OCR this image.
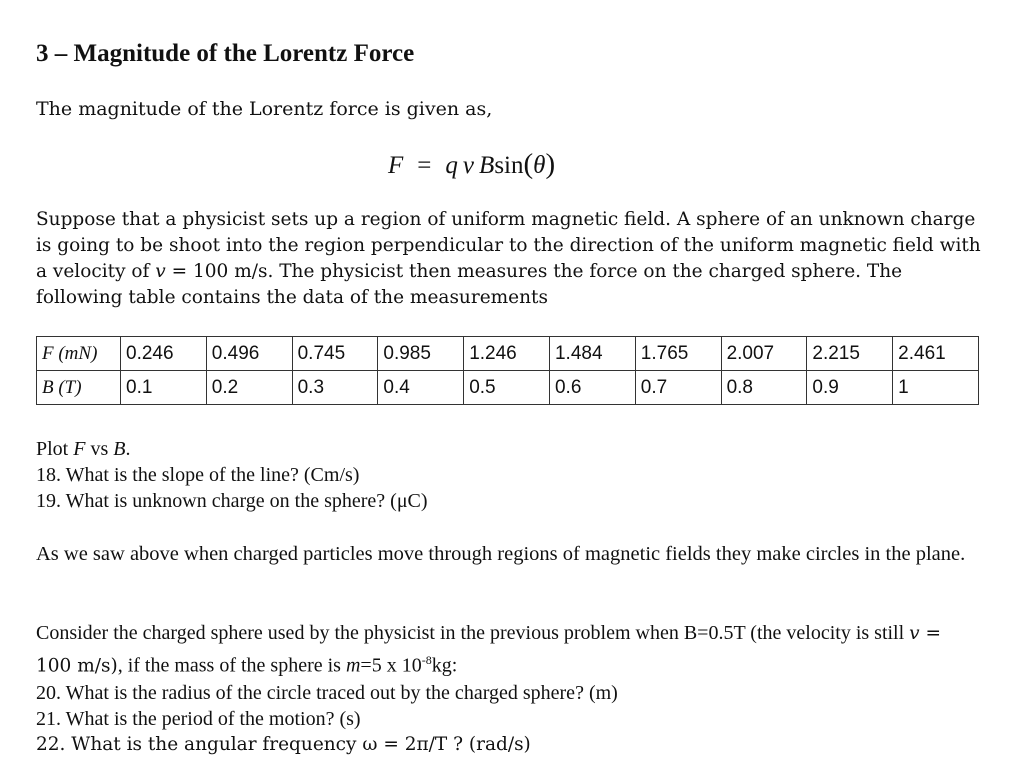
3 – Magnitude of the Lorentz Force
The magnitude of the Lorentz force is given as,
F = q  v  Bsin(θ)
Suppose that a physicist sets up a region of uniform magnetic field. A sphere of an unknown charge is going to be shoot into the region perpendicular to the direction of the uniform magnetic field with a velocity of v = 100 m/s. The physicist then measures the force on the charged sphere. The following table contains the data of the measurements
F (mN)	0.246	0.496	0.745	0.985	1.246	1.484	1.765	2.007	2.215	2.461
B (T)	0.1	0.2	0.3	0.4	0.5	0.6	0.7	0.8	0.9	1
Plot F vs B.
18. What is the slope of the line? (Cm/s)
19. What is unknown charge on the sphere? (μC)
As we saw above when charged particles move through regions of magnetic fields they make circles in the plane.
Consider the charged sphere used by the physicist in the previous problem when B=0.5T (the velocity is still v = 100 m/s), if the mass of the sphere is m=5 x $10^{-8}kg$:
20. What is the radius of the circle traced out by the charged sphere? (m)
21. What is the period of the motion? (s)
22. What is the angular frequency ω = 2π/T ? (rad/s)
